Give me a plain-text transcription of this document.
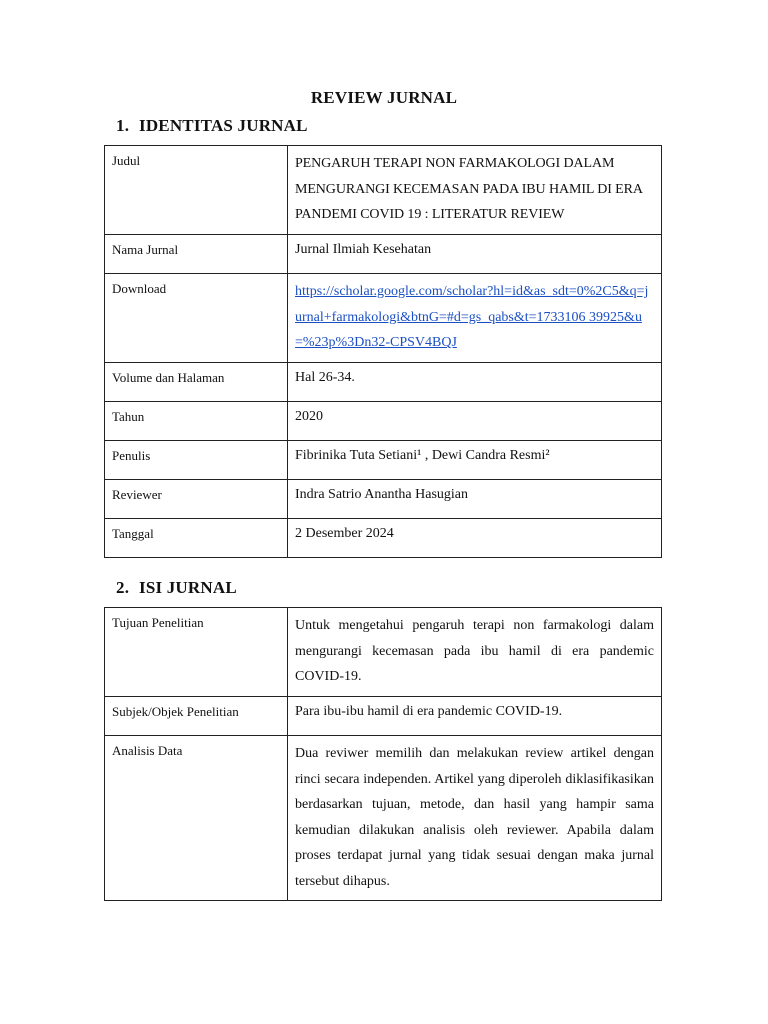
REVIEW JURNAL
1. IDENTITAS JURNAL
Judul	PENGARUH TERAPI NON FARMAKOLOGI DALAM MENGURANGI KECEMASAN PADA IBU HAMIL DI ERA PANDEMI COVID 19 : LITERATUR REVIEW
Nama Jurnal	Jurnal Ilmiah Kesehatan
Download	https://scholar.google.com/scholar?hl=id&as_sdt=0%2C5&q=jurnal+farmakologi&btnG=#d=gs_qabs&t=1733106 39925&u=%23p%3Dn32-CPSV4BQJ
Volume dan Halaman	Hal 26-34.
Tahun	2020
Penulis	Fibrinika Tuta Setiani¹ , Dewi Candra Resmi²
Reviewer	Indra Satrio Anantha Hasugian
Tanggal	2 Desember 2024
2. ISI JURNAL
Tujuan Penelitian	Untuk mengetahui pengaruh terapi non farmakologi dalam mengurangi kecemasan pada ibu hamil di era pandemic COVID-19.
Subjek/Objek Penelitian	Para ibu-ibu hamil di era pandemic COVID-19.
Analisis Data	Dua reviwer memilih dan melakukan review artikel dengan rinci secara independen. Artikel yang diperoleh diklasifikasikan berdasarkan tujuan, metode, dan hasil yang hampir sama kemudian dilakukan analisis oleh reviewer. Apabila dalam proses terdapat jurnal yang tidak sesuai dengan maka jurnal tersebut dihapus.
